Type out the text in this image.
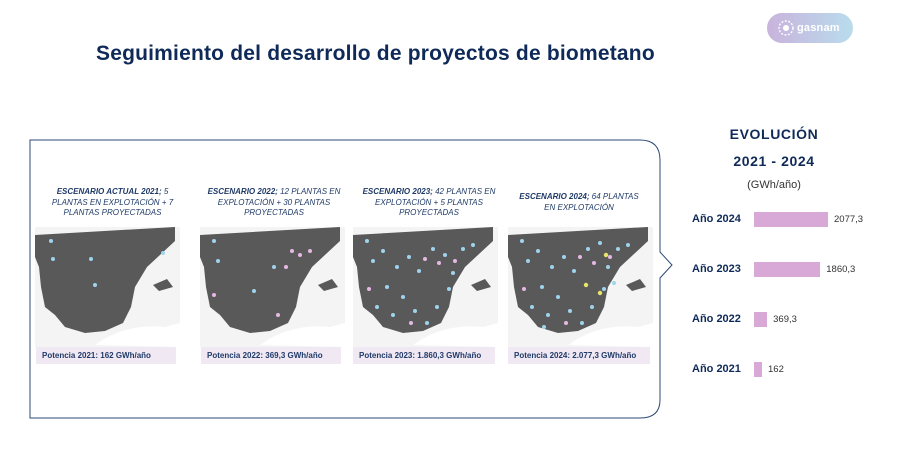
gasnam
Seguimiento del desarrollo de proyectos de biometano
ESCENARIO ACTUAL 2021; 5 PLANTAS EN EXPLOTACIÓN + 7 PLANTAS PROYECTADAS
ESCENARIO 2022; 12 PLANTAS EN EXPLOTACIÓN + 30 PLANTAS PROYECTADAS
ESCENARIO 2023; 42 PLANTAS EN EXPLOTACIÓN + 5 PLANTAS PROYECTADAS
ESCENARIO 2024; 64 PLANTAS EN EXPLOTACIÓN
Potencia 2021: 162 GWh/año	Potencia 2022: 369,3 GWh/año	Potencia 2023: 1.860,3 GWh/año	Potencia 2024: 2.077,3 GWh/año
EVOLUCIÓN
2021 - 2024
(GWh/año)
Año 2024	2077,3
Año 2023	1860,3
Año 2022	369,3
Año 2021	162
